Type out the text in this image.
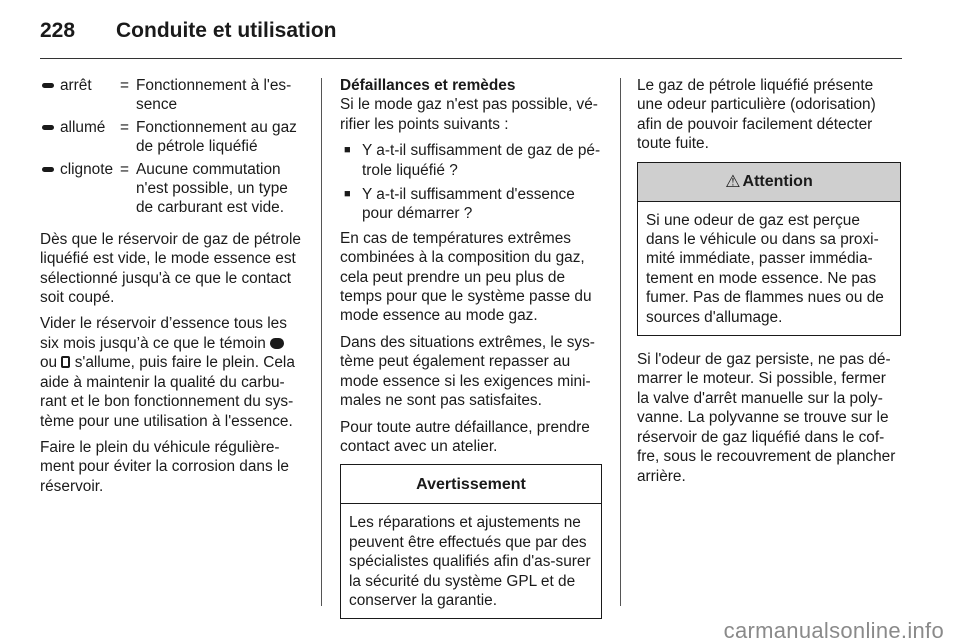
228 Conduite et utilisation
arrêt = Fonctionnement à l'es-sence
allumé = Fonctionnement au gaz de pétrole liquéfié
clignote = Aucune commutation n'est possible, un type de carburant est vide.

Dès que le réservoir de gaz de pétrole liquéfié est vide, le mode essence est sélectionné jusqu'à ce que le contact soit coupé.

Vider le réservoir d’essence tous les six mois jusqu’à ce que le témoin  ou s'allume, puis faire le plein. Cela aide à maintenir la qualité du carbu-rant et le bon fonctionnement du sys-tème pour une utilisation à l'essence.

Faire le plein du véhicule régulière-ment pour éviter la corrosion dans le réservoir.

Défaillances et remèdes

Si le mode gaz n'est pas possible, vé-rifier les points suivants :

■ Y a-t-il suffisamment de gaz de pé-trole liquéfié ?
■ Y a-t-il suffisamment d'essence pour démarrer ?

En cas de températures extrêmes combinées à la composition du gaz, cela peut prendre un peu plus de temps pour que le système passe du mode essence au mode gaz.

Dans des situations extrêmes, le sys-tème peut également repasser au mode essence si les exigences mini-males ne sont pas satisfaites.

Pour toute autre défaillance, prendre contact avec un atelier.

Avertissement
Les réparations et ajustements ne peuvent être effectués que par des spécialistes qualifiés afin d'as-surer la sécurité du système GPL et de conserver la garantie.

Le gaz de pétrole liquéfié présente une odeur particulière (odorisation) afin de pouvoir facilement détecter toute fuite.

⚠ Attention
Si une odeur de gaz est perçue dans le véhicule ou dans sa proxi-mité immédiate, passer immédia-tement en mode essence. Ne pas fumer. Pas de flammes nues ou de sources d'allumage.

Si l'odeur de gaz persiste, ne pas dé-marrer le moteur. Si possible, fermer la valve d'arrêt manuelle sur la poly-vanne. La polyvanne se trouve sur le réservoir de gaz liquéfié dans le cof-fre, sous le recouvrement de plancher arrière.

carmanualsonline.info
